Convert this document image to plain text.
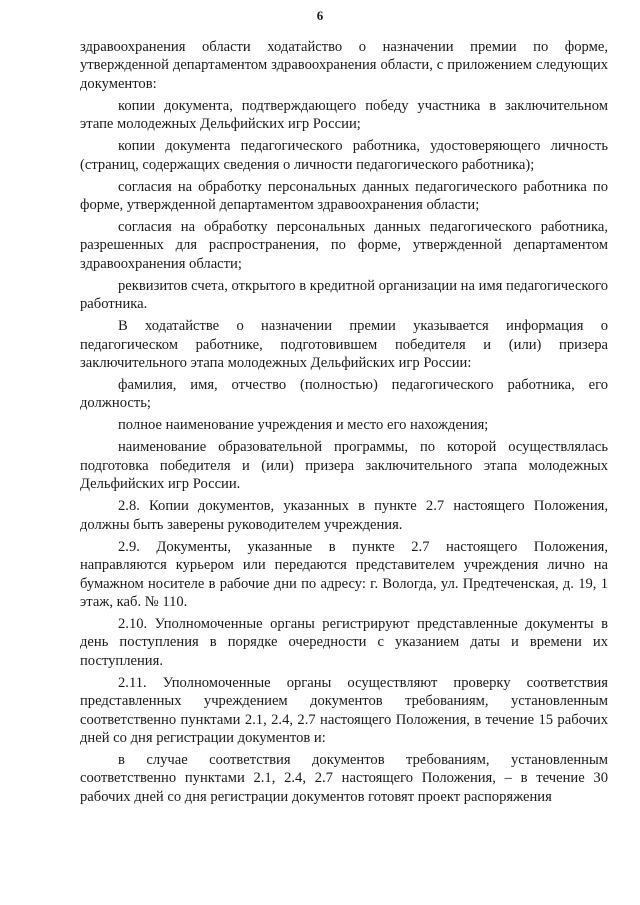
6

здравоохранения области ходатайство о назначении премии по форме, утвержденной департаментом здравоохранения области, с приложением следующих документов:

копии документа, подтверждающего победу участника в заключительном этапе молодежных Дельфийских игр России;

копии документа педагогического работника, удостоверяющего личность (страниц, содержащих сведения о личности педагогического работника);

согласия на обработку персональных данных педагогического работника по форме, утвержденной департаментом здравоохранения области;

согласия на обработку персональных данных педагогического работника, разрешенных для распространения, по форме, утвержденной департаментом здравоохранения области;

реквизитов счета, открытого в кредитной организации на имя педагогического работника.

В ходатайстве о назначении премии указывается информация о педагогическом работнике, подготовившем победителя и (или) призера заключительного этапа молодежных Дельфийских игр России:

фамилия, имя, отчество (полностью) педагогического работника, его должность;

полное наименование учреждения и место его нахождения;

наименование образовательной программы, по которой осуществлялась подготовка победителя и (или) призера заключительного этапа молодежных Дельфийских игр России.

2.8. Копии документов, указанных в пункте 2.7 настоящего Положения, должны быть заверены руководителем учреждения.

2.9. Документы, указанные в пункте 2.7 настоящего Положения, направляются курьером или передаются представителем учреждения лично на бумажном носителе в рабочие дни по адресу: г. Вологда, ул. Предтеченская, д. 19, 1 этаж, каб. № 110.

2.10. Уполномоченные органы регистрируют представленные документы в день поступления в порядке очередности с указанием даты и времени их поступления.

2.11. Уполномоченные органы осуществляют проверку соответствия представленных учреждением документов требованиям, установленным соответственно пунктами 2.1, 2.4, 2.7 настоящего Положения, в течение 15 рабочих дней со дня регистрации документов и:

в случае соответствия документов требованиям, установленным соответственно пунктами 2.1, 2.4, 2.7 настоящего Положения, – в течение 30 рабочих дней со дня регистрации документов готовят проект распоряжения
